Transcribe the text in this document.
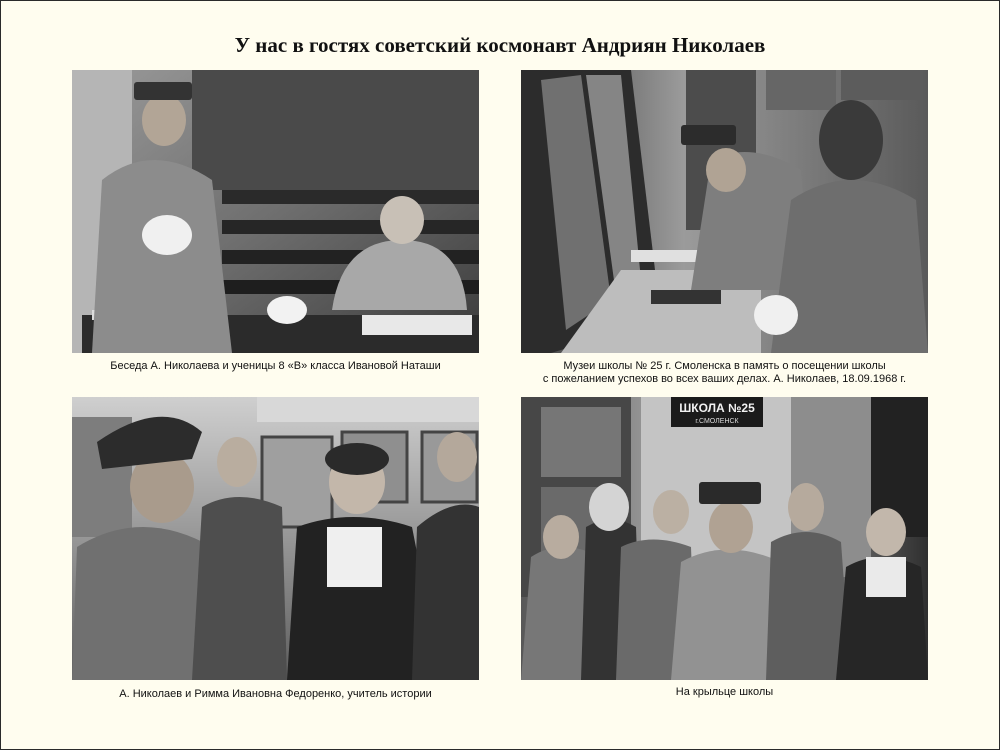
У нас в гостях советский космонавт Андриян Николаев
Беседа А. Николаева и ученицы 8 «В» класса Ивановой Наташи	Музеи школы № 25 г. Смоленска в память о посещении школы
с пожеланием успехов во всех ваших делах. А. Николаев, 18.09.1968 г.
А. Николаев и Римма Ивановна Федоренко, учитель истории
ШКОЛА №25
г.СМОЛЕНСК
На крыльце школы
